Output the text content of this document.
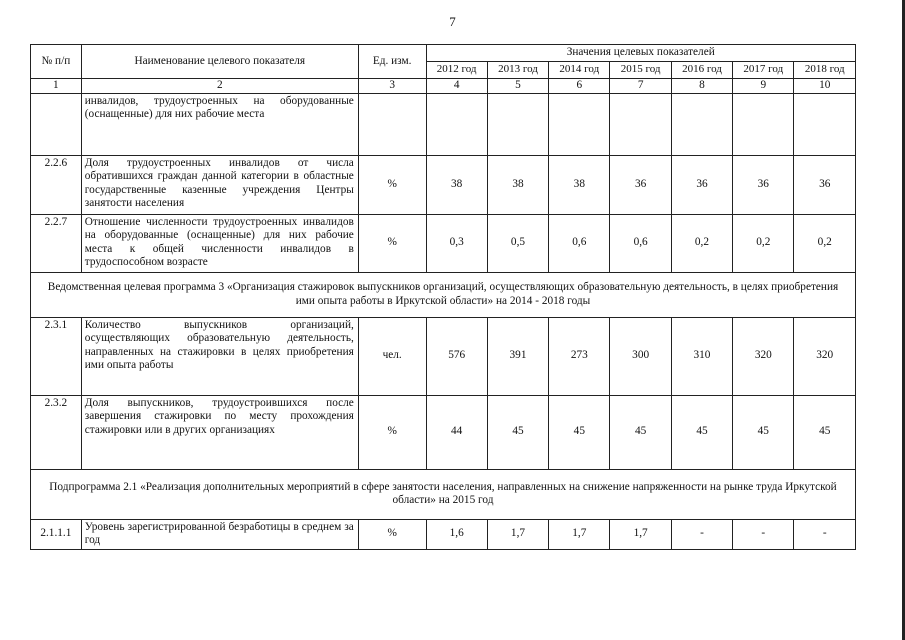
7
№ п/п	Наименование целевого показателя	Ед. изм.	Значения целевых показателей						
			2012 год	2013 год	2014 год	2015 год	2016 год	2017 год	2018 год
1	2	3	4	5	6	7	8	9	10
	инвалидов, трудоустроенных на оборудованные (оснащенные) для них рабочие места								
2.2.6	Доля трудоустроенных инвалидов от числа обратившихся граждан данной категории в областные государственные казенные учреждения Центры занятости населения	%	38	38	38	36	36	36	36
2.2.7	Отношение численности трудоустроенных инвалидов на оборудованные (оснащенные) для них рабочие места к общей численности инвалидов в трудоспособном возрасте	%	0,3	0,5	0,6	0,6	0,2	0,2	0,2
Ведомственная целевая программа 3 «Организация стажировок выпускников организаций, осуществляющих образовательную деятельность, в целях приобретения ими опыта работы в Иркутской области» на 2014 - 2018 годы									
2.3.1	Количество выпускников организаций, осуществляющих образовательную деятельность, направленных на стажировки в целях приобретения ими опыта работы	чел.	576	391	273	300	310	320	320
2.3.2	Доля выпускников, трудоустроившихся после завершения стажировки по месту прохождения стажировки или в других организациях	%	44	45	45	45	45	45	45
Подпрограмма 2.1 «Реализация дополнительных мероприятий в сфере занятости населения, направленных на снижение напряженности на рынке труда Иркутской области» на 2015 год									
2.1.1.1	Уровень зарегистрированной безработицы в среднем за год	%	1,6	1,7	1,7	1,7	-	-	-
